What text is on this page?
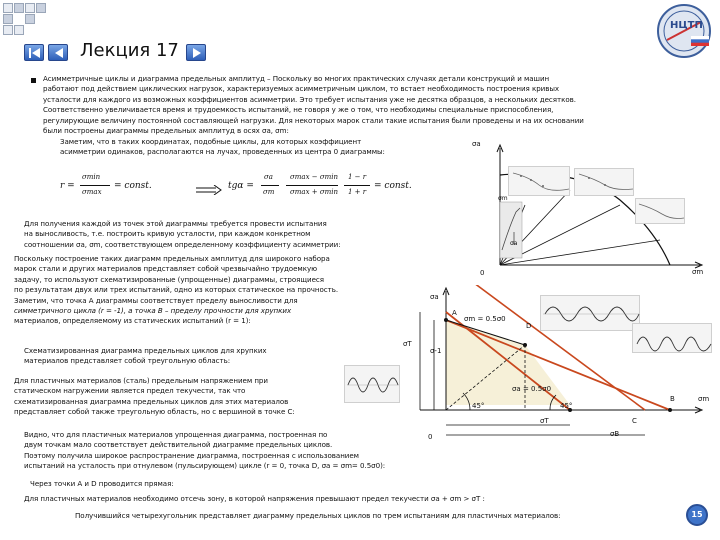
НЦТП
Лекция 17
Асимметричные циклы и диаграмма предельных амплитуд – Поскольку во многих практических случаях детали конструкций и машин
работают под действием циклических нагрузок, характеризуемых асимметричным циклом, то встает необходимость построения кривых
усталости для каждого из возможных коэффициентов асимметрии. Это требует испытания уже не десятка образцов, а нескольких десятков.
Соответственно увеличивается время и трудоемкость испытаний, не говоря у же о том, что необходимы специальные приспособления,
регулирующие величину постоянной составляющей нагрузки. Для некоторых марок стали такие испытания были проведены и на их основании
были построены диаграммы предельных амплитуд в осях σa, σm:
Заметим, что в таких координатах, подобные циклы, для которых коэффициент
асимметрии одинаков, располагаются на лучах, проведенных из центра 0 диаграммы:
r =
σmin
σmax
= const.	tgα =
σa
σm
σmax − σmin
σmax + σmin
1 − r
1 + r
= const.
Для получения каждой из точек этой диаграммы требуется провести испытания
на выносливость, т.е. построить кривую усталости, при каждом конкретном
соотношении σa, σm, соответствующем определенному коэффициенту асимметрии:
Поскольку построение таких диаграмм предельных амплитуд для широкого набора
марок стали и других материалов представляет собой чрезвычайно трудоемкую
задачу, то используют схематизированные (упрощенные) диаграммы, строящиеся
по результатам двух или трех испытаний, одно из которых статическое на прочность.
Заметим, что точка A диаграммы соответствует пределу выносливости для
симметричного цикла (r = -1), а точка B – пределу прочности для хрупких
материалов, определяемому из статических испытаний (r = 1):
Схематизированная диаграмма предельных циклов для хрупких
материалов представляет собой треугольную область:
Для пластичных материалов (сталь) предельным напряжением при
статическом нагружении является предел текучести, так что
схематизированная диаграмма предельных циклов для этих материалов
представляет собой также треугольную область, но с вершиной в точке C:
Видно, что для пластичных материалов упрощенная диаграмма, построенная по
двум точкам мало соответствует действительной диаграмме предельных циклов.
Поэтому получила широкое распространение диаграмма, построенная с использованием
испытаний на усталость при отнулевом (пульсирующем) цикле (r = 0, точка D, σa = σm= 0.5σ0):
Через точки A и D проводится прямая:
Для пластичных материалов необходимо отсечь зону, в которой напряжения превышают предел текучести σa + σm > σT :
Получившийся четырехугольник представляет диаграмму предельных циклов по трем испытаниям для пластичных материалов:	15
σa
σm
0
σm
σa
σa
σm
0
A
B
C
D
σT
σ-1
σm = 0.5σ0
σa = 0.5σ0
45°	45°
σT
σB
